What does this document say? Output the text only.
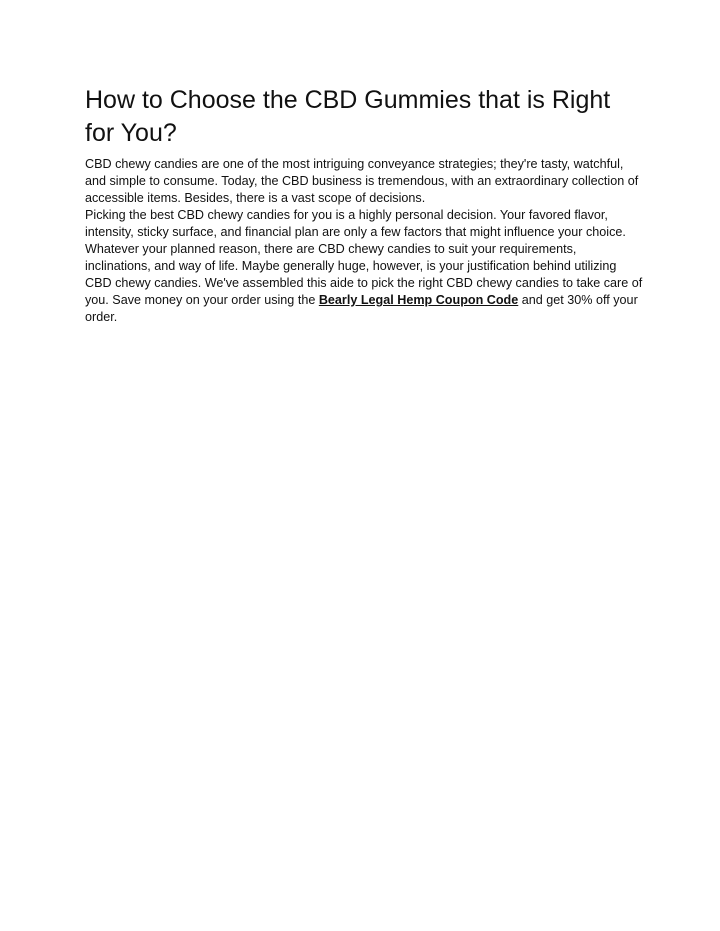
How to Choose the CBD Gummies that is Right for You?

CBD chewy candies are one of the most intriguing conveyance strategies; they're tasty, watchful, and simple to consume. Today, the CBD business is tremendous, with an extraordinary collection of accessible items. Besides, there is a vast scope of decisions.

Picking the best CBD chewy candies for you is a highly personal decision. Your favored flavor, intensity, sticky surface, and financial plan are only a few factors that might influence your choice.

Whatever your planned reason, there are CBD chewy candies to suit your requirements, inclinations, and way of life. Maybe generally huge, however, is your justification behind utilizing CBD chewy candies. We've assembled this aide to pick the right CBD chewy candies to take care of you. Save money on your order using the Bearly Legal Hemp Coupon Code and get 30% off your order.
